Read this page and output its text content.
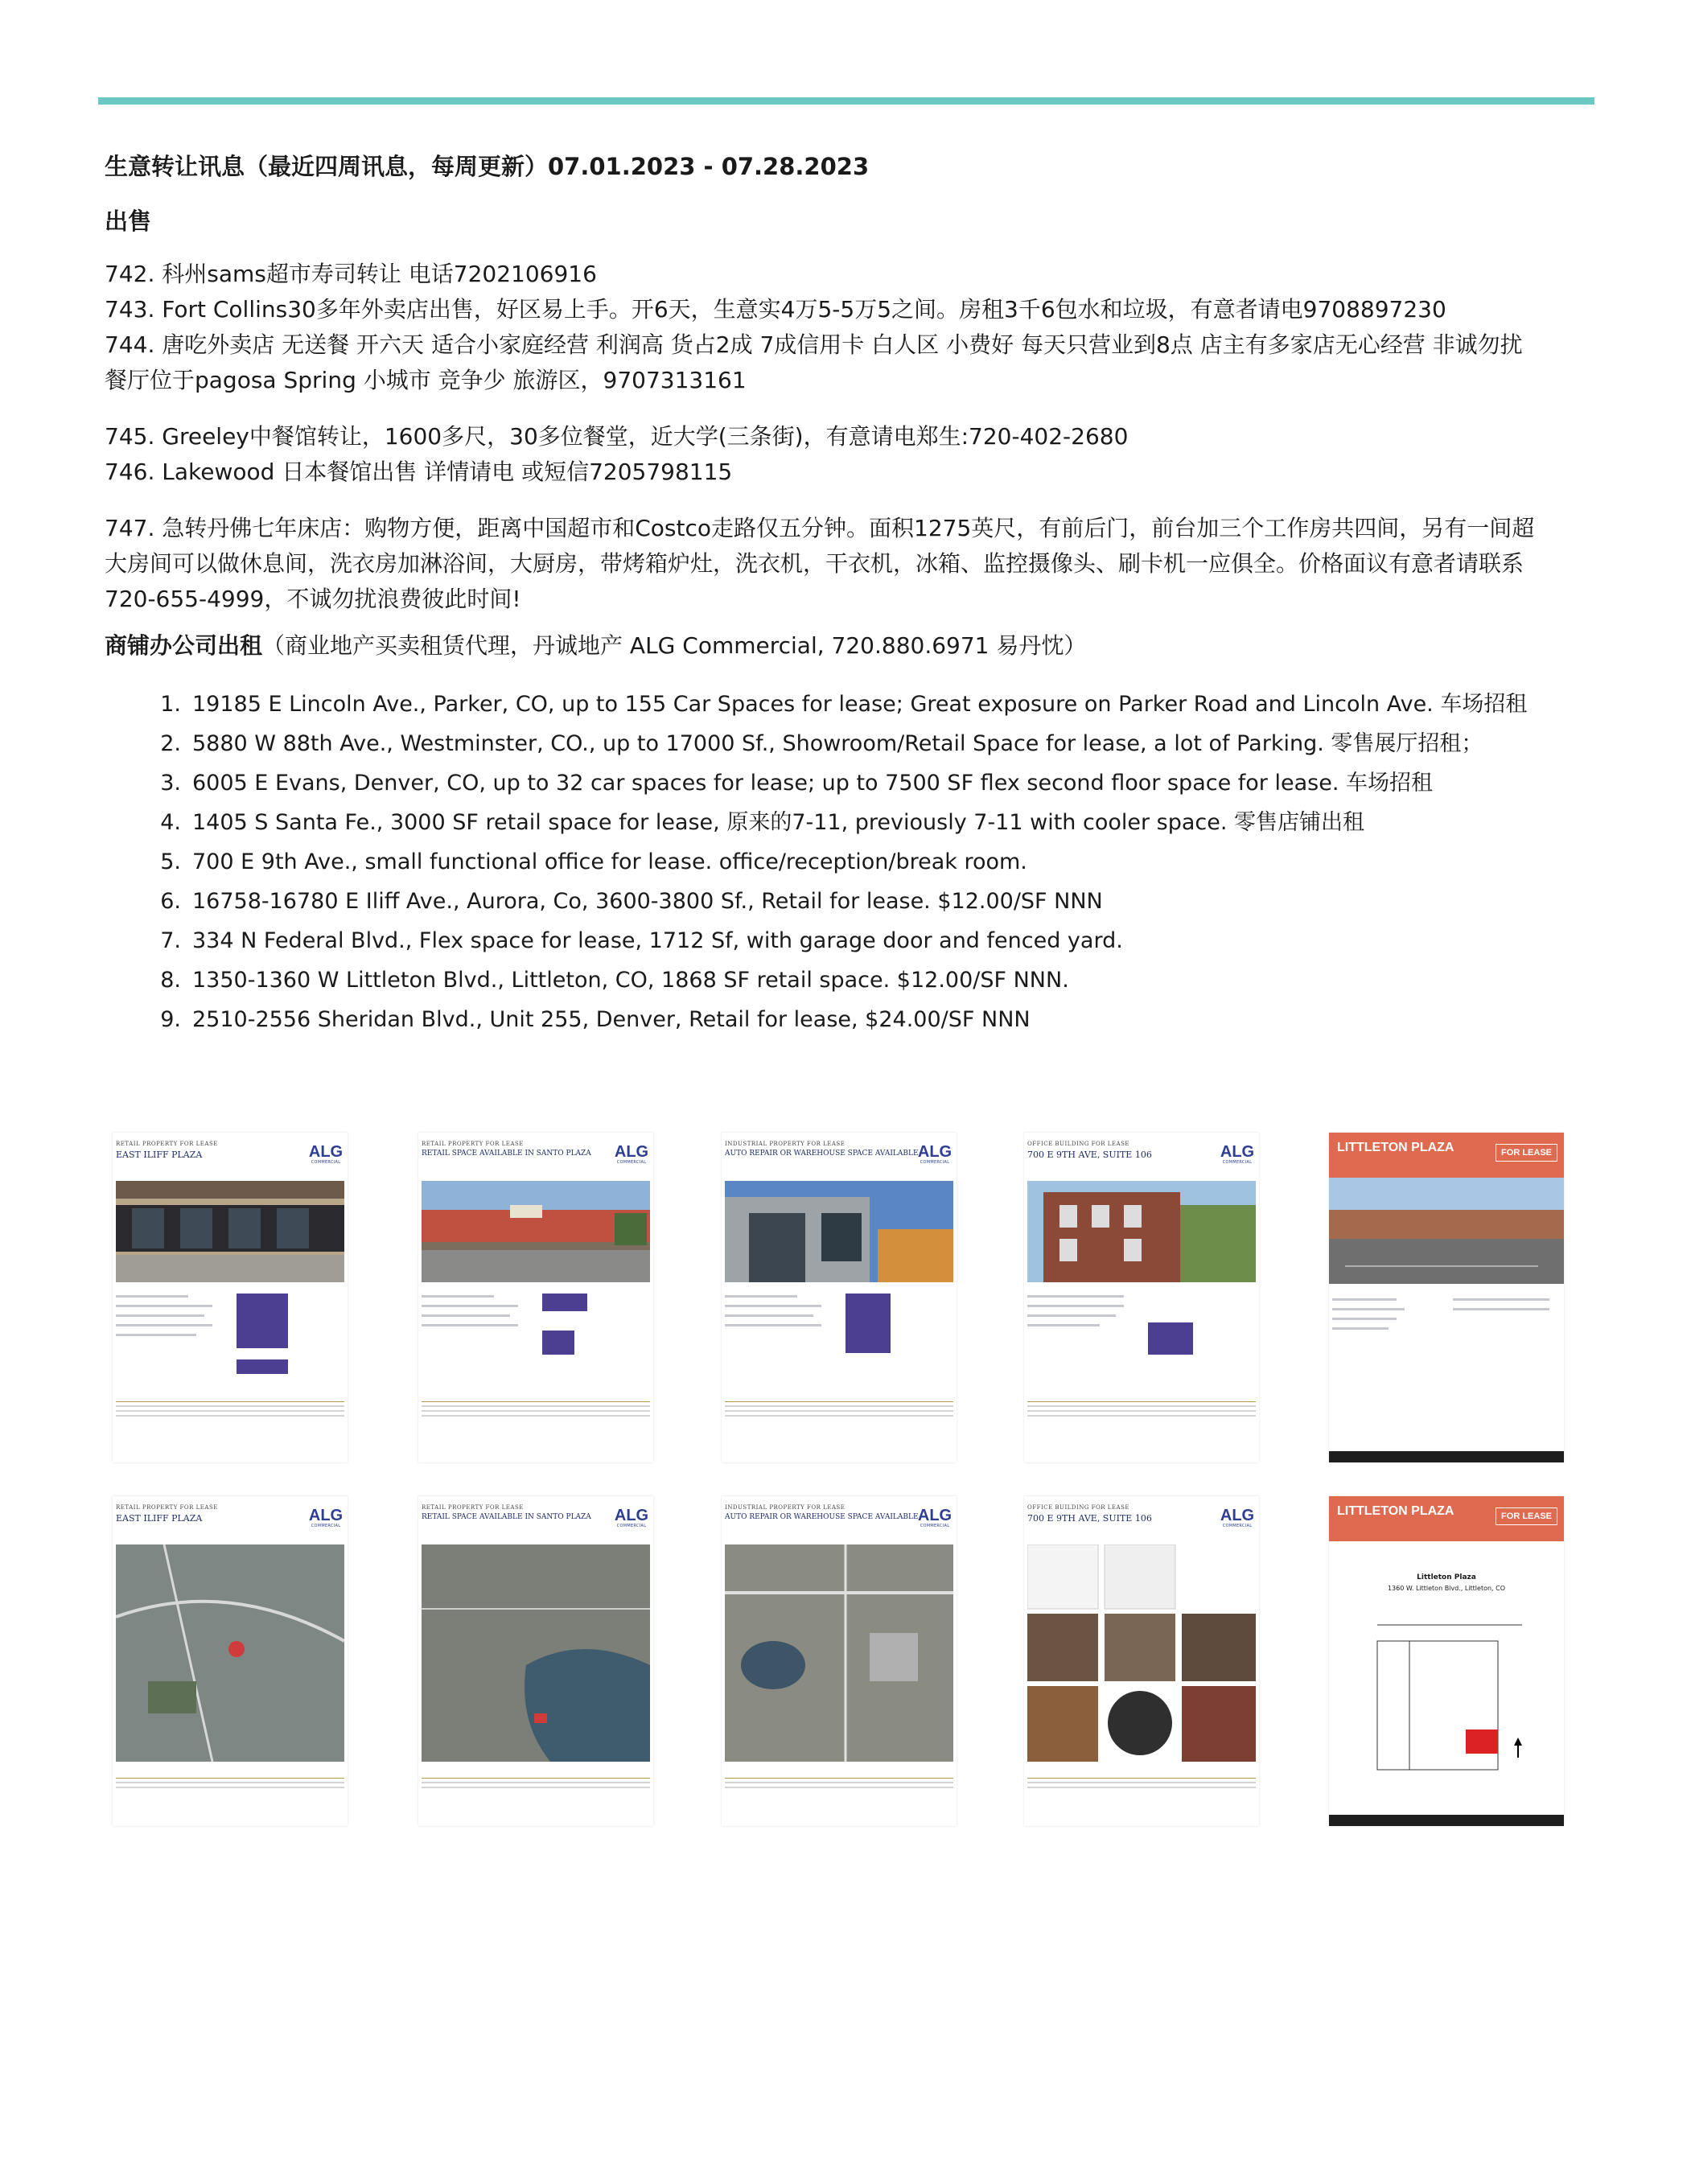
生意转让讯息（最近四周讯息，每周更新）07.01.2023 - 07.28.2023

出售

742. 科州sams超市寿司转让 电话7202106916

743. Fort Collins30多年外卖店出售，好区易上手。开6天，生意实4万5-5万5之间。房租3千6包水和垃圾，有意者请电9708897230

744. 唐吃外卖店 无送餐 开六天 适合小家庭经营 利润高 货占2成 7成信用卡 白人区 小费好 每天只营业到8点 店主有多家店无心经营 非诚勿扰

餐厅位于pagosa Spring 小城市 竞争少 旅游区，9707313161

745. Greeley中餐馆转让，1600多尺，30多位餐堂，近大学(三条街)，有意请电郑生:720-402-2680

746. Lakewood 日本餐馆出售 详情请电 或短信7205798115

747. 急转丹佛七年床店：购物方便，距离中国超市和Costco走路仅五分钟。面积1275英尺，有前后门，前台加三个工作房共四间，另有一间超

大房间可以做休息间，洗衣房加淋浴间，大厨房，带烤箱炉灶，洗衣机，干衣机，冰箱、监控摄像头、刷卡机一应俱全。价格面议有意者请联系

720-655-4999，不诚勿扰浪费彼此时间!

商铺办公司出租（商业地产买卖租赁代理，丹诚地产 ALG Commercial, 720.880.6971 易丹忱）

1. 19185 E Lincoln Ave., Parker, CO, up to 155 Car Spaces for lease; Great exposure on Parker Road and Lincoln Ave. 车场招租
2. 5880 W 88th Ave., Westminster, CO., up to 17000 Sf., Showroom/Retail Space for lease, a lot of Parking. 零售展厅招租；
3. 6005 E Evans, Denver, CO, up to 32 car spaces for lease; up to 7500 SF flex second floor space for lease. 车场招租
4. 1405 S Santa Fe., 3000 SF retail space for lease, 原来的7-11, previously 7-11 with cooler space. 零售店铺出租
5. 700 E 9th Ave., small functional office for lease. office/reception/break room.
6. 16758-16780 E Iliff Ave., Aurora, Co, 3600-3800 Sf., Retail for lease. $12.00/SF NNN
7. 334 N Federal Blvd., Flex space for lease, 1712 Sf, with garage door and fenced yard.
8. 1350-1360 W Littleton Blvd., Littleton, CO, 1868 SF retail space. $12.00/SF NNN.
9. 2510-2556 Sheridan Blvd., Unit 255, Denver, Retail for lease, $24.00/SF NNN
RETAIL PROPERTY FOR LEASE
EAST ILIFF PLAZA	ALG
COMMERCIAL
RETAIL PROPERTY FOR LEASE
RETAIL SPACE AVAILABLE IN SANTO PLAZA ALG
COMMERCIAL
INDUSTRIAL PROPERTY FOR LEASE
AUTO REPAIR OR WAREHOUSE SPACE AVAILABLE ALG
COMMERCIAL
OFFICE BUILDING FOR LEASE
700 E 9TH AVE, SUITE 106	ALG
COMMERCIAL
LITTLETON PLAZA	FOR LEASE
RETAIL PROPERTY FOR LEASE
EAST ILIFF PLAZA	ALG
COMMERCIAL
RETAIL PROPERTY FOR LEASE
RETAIL SPACE AVAILABLE IN SANTO PLAZA ALG
COMMERCIAL
INDUSTRIAL PROPERTY FOR LEASE
AUTO REPAIR OR WAREHOUSE SPACE AVAILABLE ALG
COMMERCIAL
OFFICE BUILDING FOR LEASE
700 E 9TH AVE, SUITE 106	ALG
COMMERCIAL
LITTLETON PLAZA	FOR LEASE
Littleton Plaza
1360 W. Littleton Blvd., Littleton, CO
